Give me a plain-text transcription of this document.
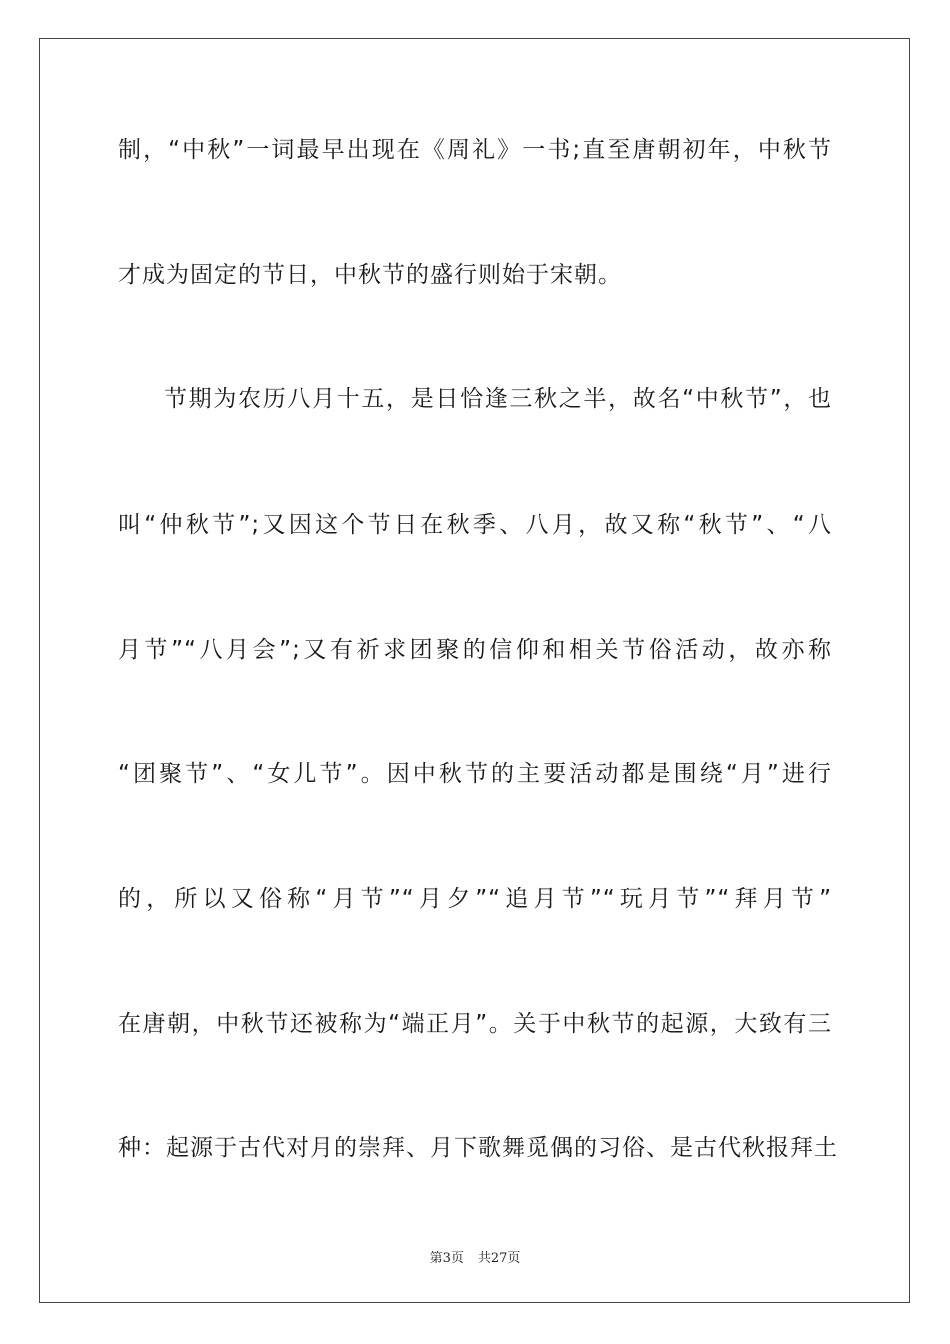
制，“中秋”一词最早出现在《周礼》一书;直至唐朝初年，中秋节
才成为固定的节日，中秋节的盛行则始于宋朝。
节期为农历八月十五，是日恰逢三秋之半，故名“中秋节”，也
叫“仲秋节”;又因这个节日在秋季、八月，故又称“秋节”、“八
月节”“八月会”;又有祈求团聚的信仰和相关节俗活动，故亦称
“团聚节”、“女儿节”。因中秋节的主要活动都是围绕“月”进行
的，所以又俗称“月节”“月夕”“追月节”“玩月节”“拜月节”
在唐朝，中秋节还被称为“端正月”。关于中秋节的起源，大致有三
种：起源于古代对月的崇拜、月下歌舞觅偶的习俗、是古代秋报拜土
第3页 共27页
